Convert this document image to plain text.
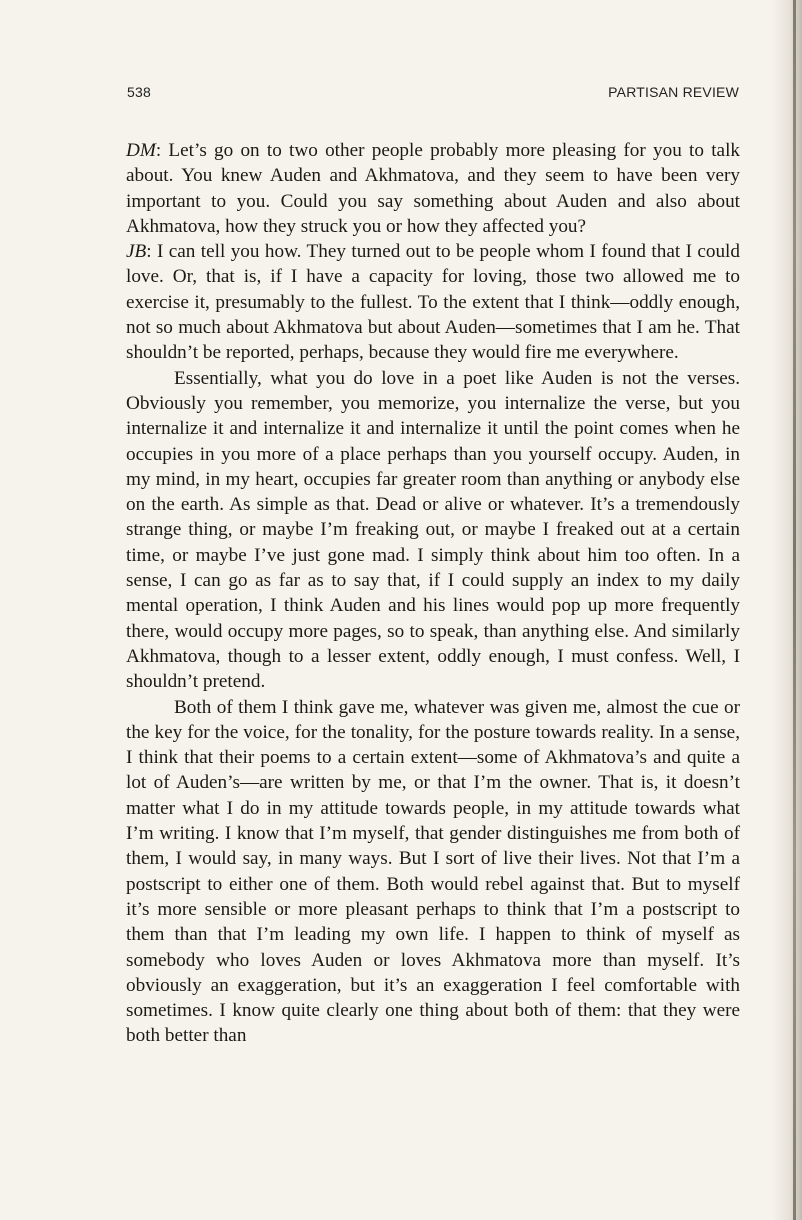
538	PARTISAN REVIEW

DM: Let’s go on to two other people probably more pleasing for you to talk about. You knew Auden and Akhmatova, and they seem to have been very important to you. Could you say something about Auden and also about Akhmatova, how they struck you or how they affected you?

JB: I can tell you how. They turned out to be people whom I found that I could love. Or, that is, if I have a capacity for loving, those two allowed me to exercise it, presumably to the fullest. To the extent that I think—oddly enough, not so much about Akhmatova but about Auden—sometimes that I am he. That shouldn’t be reported, perhaps, because they would fire me everywhere.

Essentially, what you do love in a poet like Auden is not the verses. Obviously you remember, you memorize, you internalize the verse, but you internalize it and internalize it and internalize it until the point comes when he occupies in you more of a place perhaps than you yourself occupy. Auden, in my mind, in my heart, occupies far greater room than anything or anybody else on the earth. As simple as that. Dead or alive or whatever. It’s a tremendously strange thing, or maybe I’m freaking out, or maybe I freaked out at a certain time, or maybe I’ve just gone mad. I simply think about him too often. In a sense, I can go as far as to say that, if I could supply an index to my daily mental operation, I think Auden and his lines would pop up more frequently there, would occupy more pages, so to speak, than anything else. And similarly Akhmatova, though to a lesser extent, oddly enough, I must confess. Well, I shouldn’t pretend.

Both of them I think gave me, whatever was given me, almost the cue or the key for the voice, for the tonality, for the posture towards reality. In a sense, I think that their poems to a certain extent—some of Akhmatova’s and quite a lot of Auden’s—are written by me, or that I’m the owner. That is, it doesn’t matter what I do in my attitude towards people, in my attitude towards what I’m writing. I know that I’m myself, that gender distinguishes me from both of them, I would say, in many ways. But I sort of live their lives. Not that I’m a postscript to either one of them. Both would rebel against that. But to myself it’s more sensible or more pleasant perhaps to think that I’m a postscript to them than that I’m leading my own life. I happen to think of myself as somebody who loves Auden or loves Akhmatova more than myself. It’s obviously an exaggeration, but it’s an exaggeration I feel comfortable with sometimes. I know quite clearly one thing about both of them: that they were both better than
